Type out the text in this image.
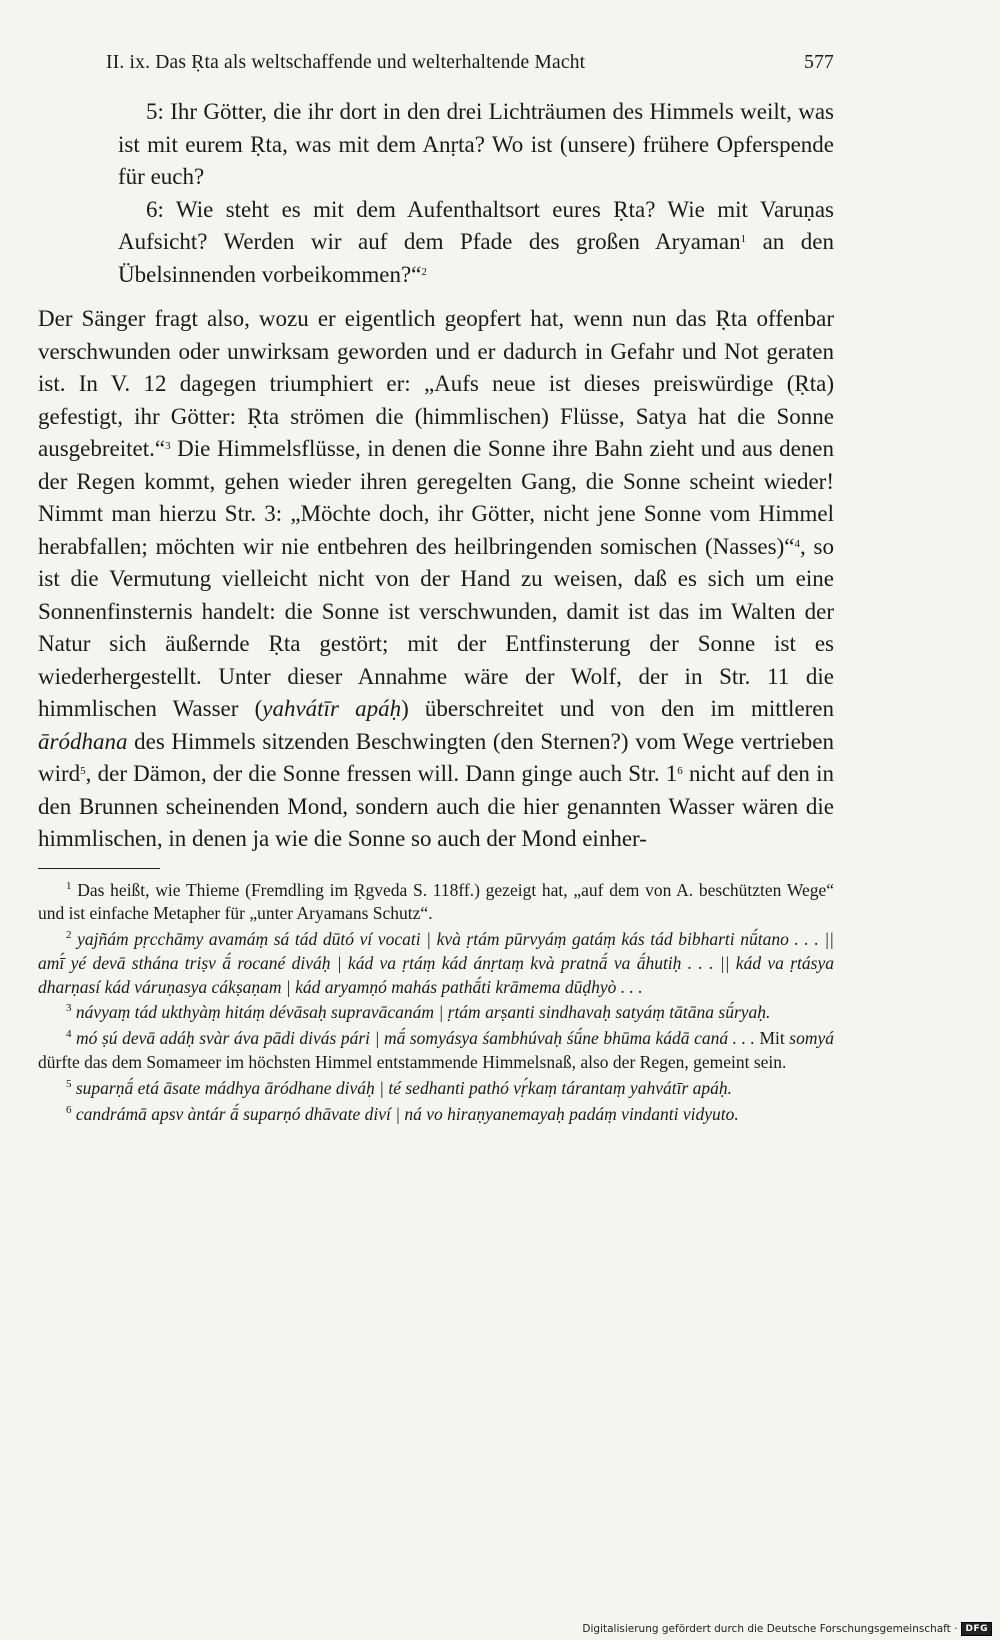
II. ix. Das Ṛta als weltschaffende und welterhaltende Macht	577

5: Ihr Götter, die ihr dort in den drei Lichträumen des Himmels weilt, was ist mit eurem Ṛta, was mit dem Anṛta? Wo ist (unsere) frühere Opferspende für euch?

6: Wie steht es mit dem Aufenthaltsort eures Ṛta? Wie mit Varuṇas Aufsicht? Werden wir auf dem Pfade des großen Aryaman$^1$ an den Übelsinnenden vorbeikommen?“$^2$

Der Sänger fragt also, wozu er eigentlich geopfert hat, wenn nun das Ṛta offenbar verschwunden oder unwirksam geworden und er dadurch in Gefahr und Not geraten ist. In V. 12 dagegen triumphiert er: „Aufs neue ist dieses preiswürdige (Ṛta) gefestigt, ihr Götter: Ṛta strömen die (himmlischen) Flüsse, Satya hat die Sonne ausgebreitet.“$^3$ Die Himmelsflüsse, in denen die Sonne ihre Bahn zieht und aus denen der Regen kommt, gehen wieder ihren geregelten Gang, die Sonne scheint wieder! Nimmt man hierzu Str. 3: „Möchte doch, ihr Götter, nicht jene Sonne vom Himmel herabfallen; möchten wir nie entbehren des heilbringenden somischen (Nasses)“$^4$, so ist die Vermutung vielleicht nicht von der Hand zu weisen, daß es sich um eine Sonnenfinsternis handelt: die Sonne ist verschwunden, damit ist das im Walten der Natur sich äußernde Ṛta gestört; mit der Entfinsterung der Sonne ist es wiederhergestellt. Unter dieser Annahme wäre der Wolf, der in Str. 11 die himmlischen Wasser (yahvátīr apáḥ) überschreitet und von den im mittleren āródhana des Himmels sitzenden Beschwingten (den Sternen?) vom Wege vertrieben wird$^5$, der Dämon, der die Sonne fressen will. Dann ginge auch Str. $1^6$ nicht auf den in den Brunnen scheinenden Mond, sondern auch die hier genannten Wasser wären die himmlischen, in denen ja wie die Sonne so auch der Mond einher-

$^1$ Das heißt, wie Thieme (Fremdling im Ṛgveda S. 118ff.) gezeigt hat, „auf dem von A. beschützten Wege“ und ist einfache Metapher für „unter Aryamans Schutz“.

$^2$ yajñám pṛcchāmy avamáṃ sá tád dūtó ví vocati | kvà ṛtám pūrvyáṃ gatáṃ kás tád bibharti nū́tano . . . || amī́ yé devā sthána triṣv ā́ rocané diváḥ | kád va ṛtáṃ kád ánṛtaṃ kvà pratnā́ va ā́hutiḥ . . . || kád va ṛtásya dharṇasí kád váruṇasya cákṣaṇam | kád aryamṇó mahás pathā́ti krāmema dūḍhyò . . .

$^3$ návyaṃ tád ukthyàṃ hitáṃ dévāsaḥ supravācanám | ṛtám arṣanti sindhavaḥ satyáṃ tātāna sū́ryaḥ.

$^4$ mó ṣú devā adáḥ svàr áva pādi divás pári | mā́ somyásya śambhúvaḥ śū́ne bhūma kádā caná . . . Mit somyá dürfte das dem Somameer im höchsten Himmel entstammende Himmelsnaß, also der Regen, gemeint sein.

$^5$ suparṇā́ etá āsate mádhya āródhane diváḥ | té sedhanti pathó vṛ́kaṃ tárantaṃ yahvátīr apáḥ.

$^6$ candrámā apsv àntár ā́ suparṇó dhāvate diví | ná vo hiraṇyanemayaḥ padáṃ vindanti vidyuto.

Digitalisierung gefördert durch die Deutsche Forschungsgemeinschaft · DFG
